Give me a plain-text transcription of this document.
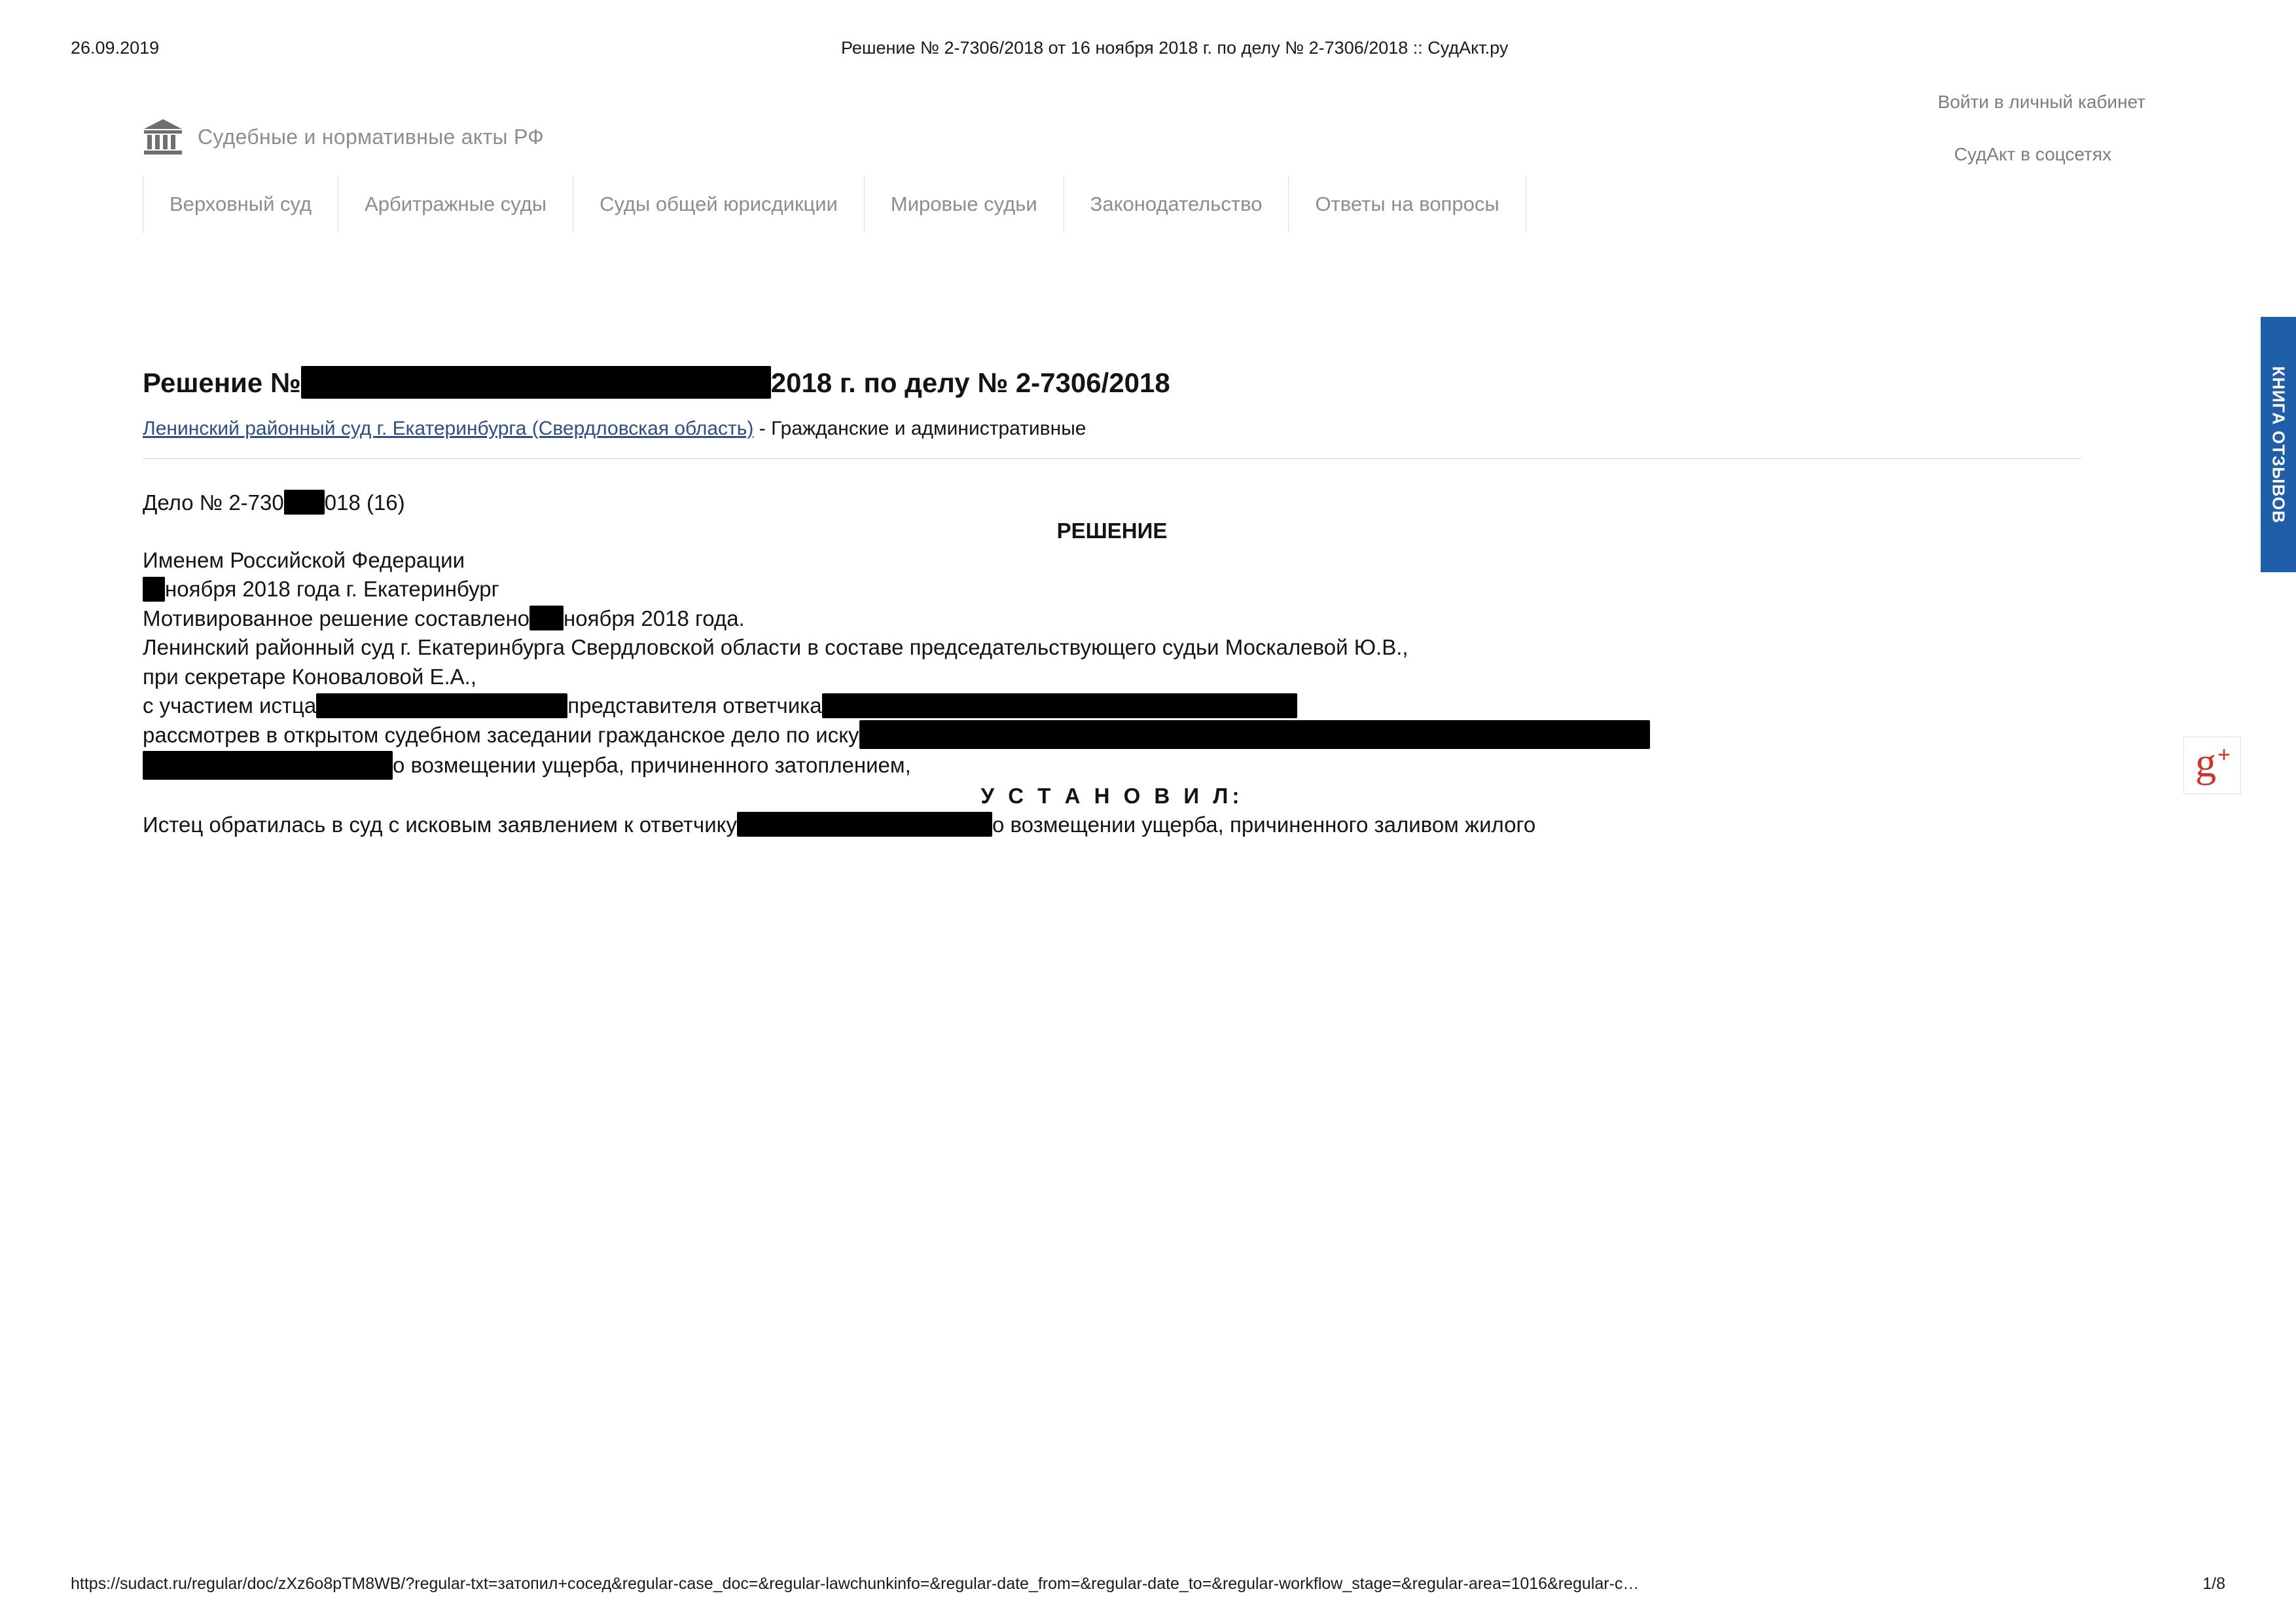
26.09.2019	Решение № 2-7306/2018 от 16 ноября 2018 г. по делу № 2-7306/2018 :: СудАкт.ру
Войти в личный кабинет
СудАкт в соцсетях
Судебные и нормативные акты РФ
Верховный суд	Арбитражные суды	Суды общей юрисдикции	Мировые судьи	Законодательство	Ответы на вопросы
КНИГА ОТЗЫВОВ
g +
Решение №	2018 г. по делу № 2-7306/2018
Ленинский районный суд г. Екатеринбурга (Свердловская область) - Гражданские и административные
Дело № 2-730 018 (16)

РЕШЕНИЕ

Именем Российской Федерации

ноября 2018 года г. Екатеринбург

Мотивированное решение составлено ноября 2018 года.

Ленинский районный суд г. Екатеринбурга Свердловской области в составе председательствующего судьи Москалевой Ю.В.,

при секретаре Коноваловой Е.А.,

с участием истца	представителя ответчика

рассмотрев в открытом судебном заседании гражданское дело по иску
о возмещении ущерба, причиненного затоплением,

У С Т А Н О В И Л:

Истец обратилась в суд с исковым заявлением к ответчику	о возмещении ущерба, причиненного заливом жилого

https://sudact.ru/regular/doc/zXz6o8pTM8WB/?regular-txt=затопил+сосед&regular-case_doc=&regular-lawchunkinfo=&regular-date_from=&regular-date_to=&regular-workflow_stage=&regular-area=1016&regular-c…	1/8
